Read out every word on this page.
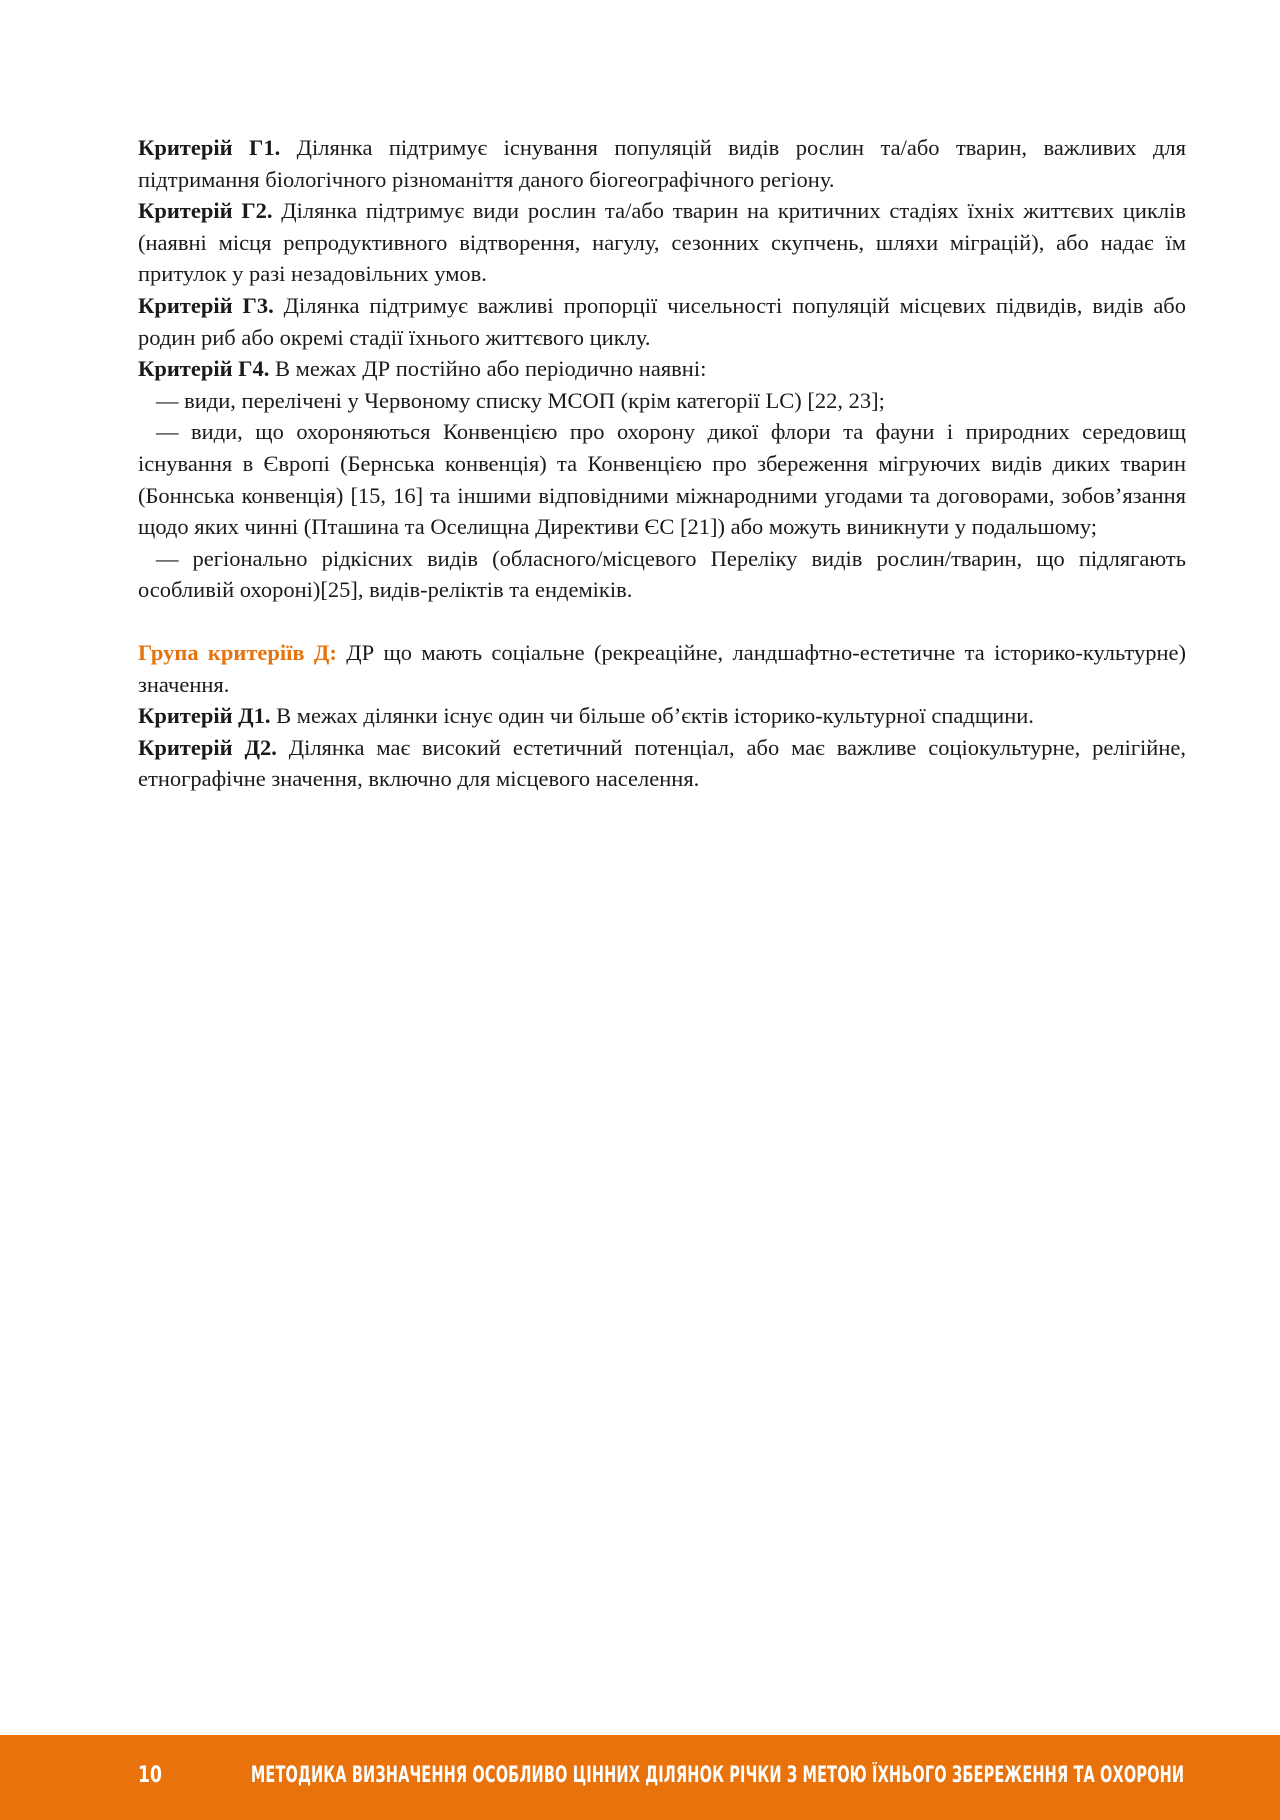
Критерій Г1. Ділянка підтримує існування популяцій видів рослин та/або тварин, важливих для підтримання біологічного різноманіття даного біогеографічного регіону.

Критерій Г2. Ділянка підтримує види рослин та/або тварин на критичних стадіях їхніх життєвих циклів (наявні місця репродуктивного відтворення, нагулу, сезонних скупчень, шляхи міграцій), або надає їм притулок у разі незадовільних умов.

Критерій Г3. Ділянка підтримує важливі пропорції чисельності популяцій місцевих підвидів, видів або родин риб або окремі стадії їхнього життєвого циклу.

Критерій Г4. В межах ДР постійно або періодично наявні:

— види, перелічені у Червоному списку МСОП (крім категорії LC) [22, 23];

— види, що охороняються Конвенцією про охорону дикої флори та фауни і природних середовищ існування в Європі (Бернська конвенція) та Конвенцією про збереження мігруючих видів диких тварин (Боннська конвенція) [15, 16] та іншими відповідними міжнародними угодами та договорами, зобов’язання щодо яких чинні (Пташина та Оселищна Директиви ЄС [21]) або можуть виникнути у подальшому;

— регіонально рідкісних видів (обласного/місцевого Переліку видів рослин/тварин, що підлягають особливій охороні)[25], видів-реліктів та ендеміків.

Група критеріїв Д: ДР що мають соціальне (рекреаційне, ландшафтно-естетичне та історико-культурне) значення.

Критерій Д1. В межах ділянки існує один чи більше об’єктів історико-культурної спадщини.

Критерій Д2. Ділянка має високий естетичний потенціал, або має важливе соціокультурне, релігійне, етнографічне значення, включно для місцевого населення.

10	МЕТОДИКА ВИЗНАЧЕННЯ ОСОБЛИВО ЦІННИХ ДІЛЯНОК РІЧКИ З МЕТОЮ ЇХНЬОГО ЗБЕРЕЖЕННЯ ТА ОХОРОНИ
